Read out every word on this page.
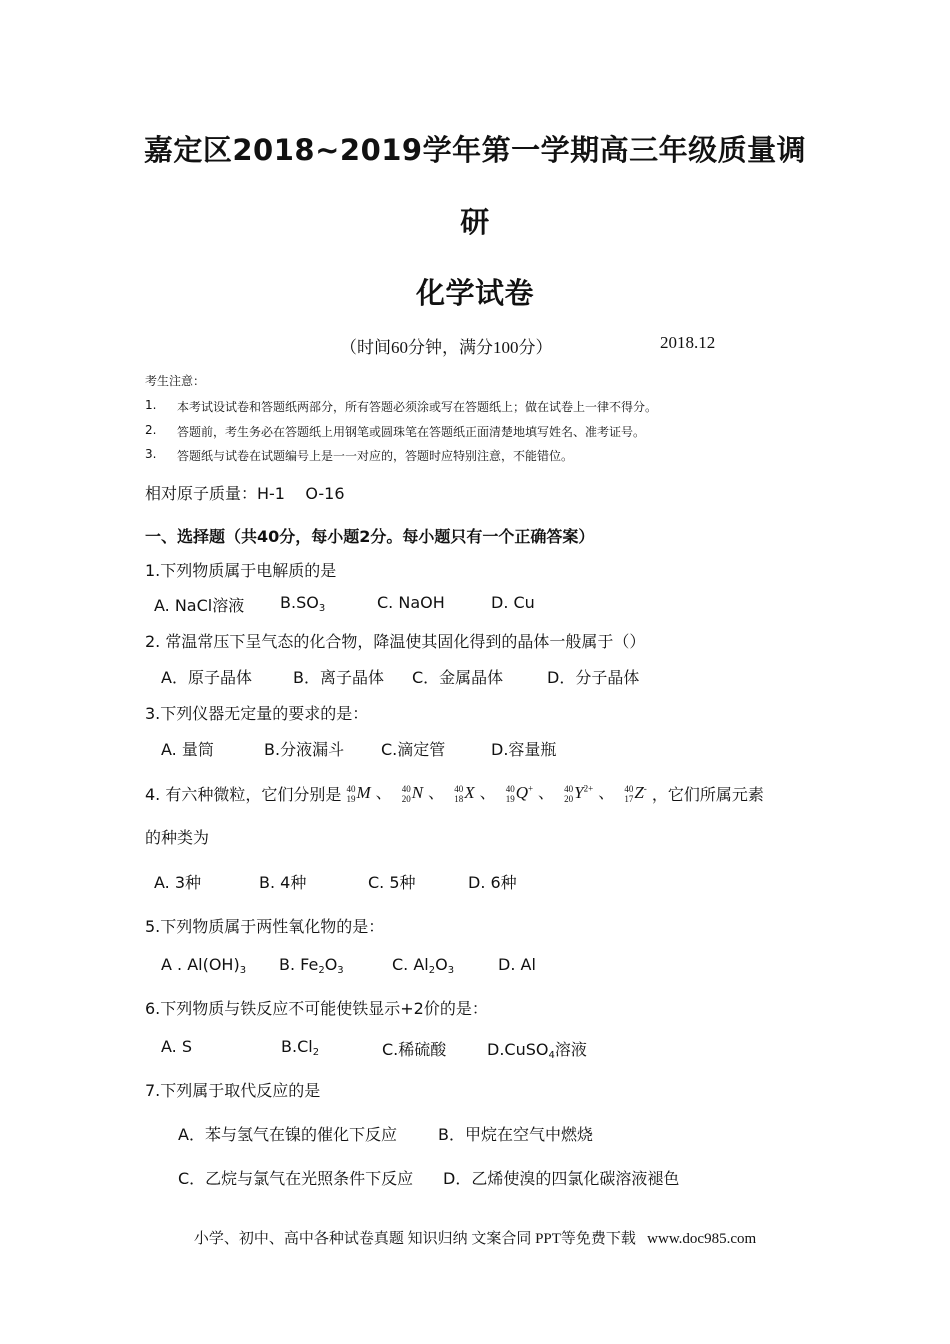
嘉定区2018~2019学年第一学期高三年级质量调
研
化学试卷
（时间60分钟，满分100分）	2018.12
考生注意：
1. 本考试设试卷和答题纸两部分，所有答题必须涂或写在答题纸上；做在试卷上一律不得分。
2. 答题前，考生务必在答题纸上用钢笔或圆珠笔在答题纸正面清楚地填写姓名、准考证号。
3. 答题纸与试卷在试题编号上是一一对应的，答题时应特别注意，不能错位。
相对原子质量：H-1    O-16
一、选择题（共40分，每小题2分。每小题只有一个正确答案）
1.下列物质属于电解质的是
A. NaCl溶液 $B.SO_3$	C. NaOH	D. Cu
2. 常温常压下呈气态的化合物，降温使其固化得到的晶体一般属于（）
A．原子晶体	B．离子晶体 C．金属晶体	D．分子晶体
3.下列仪器无定量的要求的是：
A. 量筒	B.分液漏斗 C.滴定管	D.容量瓶
4. 有六种微粒，它们分别是 40
19 M 、 40
20 N 、 40
18 X 、 40
19 Q+ 、 40
20 $Y^{2+}$ 、 40
17 Z- ，它们所属元素
的种类为
A. 3种	B. 4种	C. 5种	D. 6种
5.下列物质属于两性氧化物的是：
A . $Al(OH)_3$ B. $Fe_2O_3$	C. $Al_2O_3$	D. Al
6.下列物质与铁反应不可能使铁显示+2价的是：
A. S	$B.Cl_2$	C.稀硫酸	D.CuSO$_4$溶液
7.下列属于取代反应的是
A．苯与氢气在镍的催化下反应	B．甲烷在空气中燃烧
C．乙烷与氯气在光照条件下反应 D．乙烯使溴的四氯化碳溶液褪色
小学、初中、高中各种试卷真题 知识归纳 文案合同 PPT等免费下载   www.doc985.com
